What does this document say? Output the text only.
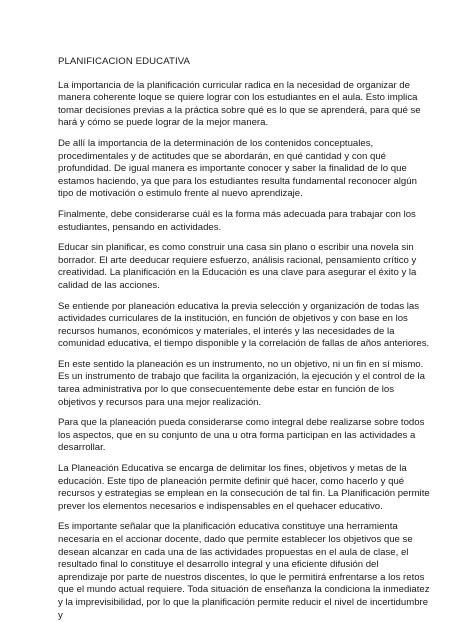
PLANIFICACION EDUCATIVA

La importancia de la planificación curricular radica en la necesidad de organizar de manera coherente loque se quiere lograr con los estudiantes en el aula. Esto implica tomar decisiones previas a la práctica sobre qué es lo que se aprenderá, para qué se hará y cómo se puede lograr de la mejor manera.

De allí la importancia de la determinación de los contenidos conceptuales, procedimentales y de actitudes que se abordarán, en qué cantidad y con qué profundidad. De igual manera es importante conocer y saber la finalidad de lo que estamos haciendo, ya que para los estudiantes resulta fundamental reconocer algún tipo de motivación o estimulo frente al nuevo aprendizaje.

Finalmente, debe considerarse cuál es la forma más adecuada para trabajar con los estudiantes, pensando en actividades.

Educar sin planificar, es como construir una casa sin plano o escribir una novela sin borrador. El arte deeducar requiere esfuerzo, análisis racional, pensamiento crítico y creatividad. La planificación en la Educación es una clave para asegurar el éxito y la calidad de las acciones.

Se entiende por planeación educativa la previa selección y organización de todas las actividades curriculares de la institución, en función de objetivos y con base en los recursos humanos, económicos y materiales, el interés y las necesidades de la comunidad educativa, el tiempo disponible y la correlación de fallas de años anteriores.

En este sentido la planeación es un instrumento, no un objetivo, ni un fin en sí mismo. Es un instrumento de trabajo que facilita la organización, la ejecución y el control de la tarea administrativa por lo que consecuentemente debe estar en función de los objetivos y recursos para una mejor realización.

Para que la planeación pueda considerarse como integral debe realizarse sobre todos los aspectos, que en su conjunto de una u otra forma participan en las actividades a desarrollar.

La Planeación Educativa se encarga de delimitar los fines, objetivos y metas de la educación. Este tipo de planeación permite definir qué hacer, como hacerlo y qué recursos y estrategias se emplean en la consecución de tal fin. La Planificación permite prever los elementos necesarios e indispensables en el quehacer educativo.

Es importante señalar que la planificación educativa constituye una herramienta necesaria en el accionar docente, dado que permite establecer los objetivos que se desean alcanzar en cada una de las actividades propuestas en el aula de clase, el resultado final lo constituye el desarrollo integral y una eficiente difusión del aprendizaje por parte de nuestros discentes, lo que le permitirá enfrentarse a los retos que el mundo actual requiere. Toda situación de enseñanza la condiciona la inmediatez y la imprevisibilidad, por lo que la planificación permite reducir el nivel de incertidumbre y
